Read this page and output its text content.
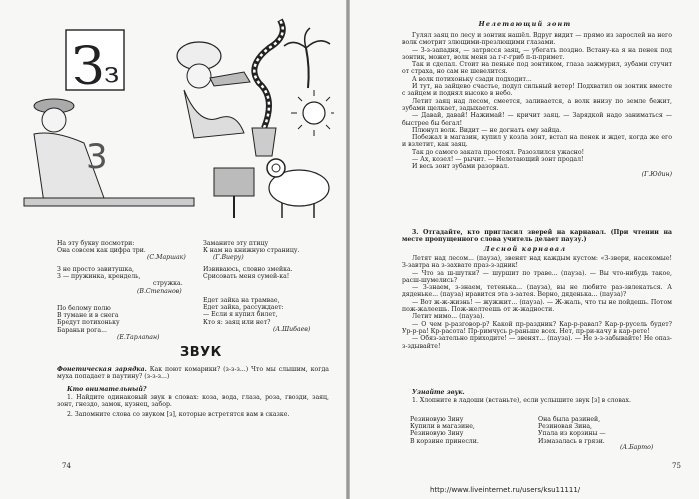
З з
3
На эту букву посмотри:
Она совсем как цифра три.
(С.Маршак)
Заманите эту птицу
К нам на книжную страницу.
(Г.Виеру)
З не просто завитушка,
З — пружинка, крендель,
стружка.
(В.Степанов)
Извиваюсь, словно змейка.
Срисовать меня сумей-ка!
По белому полю
В тумане и в снега
Бредут потихоньку
Бараньи рога...
(Е.Тарлапан)
Едет зайка на трамвае,
Едет зайка, рассуждает:
— Если я купил билет,
Кто я: заяц или нет?
(А.Шибаев)
ЗВУК
Фонетическая зарядка. Как поют комарики? (з-з-з...) Что мы слышим, когда муха попадает в паутину? (з-з-з...)
Кто внимательный?
1. Найдите одинаковый звук в словах: коза, вода, глаза, роза, гвозди, заяц, зонт, гнездо, замок, кузнец, забор.
2. Запомните слова со звуком [з], которые встретятся вам в сказке.
74
Нелетающий зонт

Гулял заяц по лесу и зонтик нашёл. Вдруг видит — прямо из зарослей на него волк смотрит злющими-презлющими глазами.

— З-з-западня, — затрясся заяц, — убегать поздно. Встану-ка я на пенек под зонтик, может, волк меня за г-г-гриб п-п-примет.

Так и сделал. Стоит на пеньке под зонтиком, глаза зажмурил, зубами стучит от страха, но сам не шевелится.

А волк потихоньку сзади подходит...

И тут, на зайцево счастье, подул сильный ветер! Подхватил он зонтик вместе с зайцем и поднял высоко в небо.

Летит заяц над лесом, смеется, заливается, а волк внизу по земле бежит, зубами щелкает, задыхается.

— Давай, давай! Нажимай! — кричит заяц. — Зарядкой надо заниматься — быстрее бы бегал!

Плюнул волк. Видит — не догнать ему зайца.

Побежал в магазин, купил у козла зонт, встал на пенек и ждет, когда же его и взлетит, как заяц.

Так до самого заката простоял. Разозлился ужасно!

— Ах, козел! — рычит. — Нелетающий зонт продал!

И весь зонт зубами разорвал.

(Г.Юдин)

3. Отгадайте, кто пригласил зверей на карнавал. (При чтении на месте пропущенного слова учитель делает паузу.)
Лесной карнавал

Летят над лесом... (пауза), звенят над каждым кустом: «З-звери, насекомые! З-завтра на з-захвате праз-з-здник!

— Что за ш-шутки? — шуршит по траве... (пауза). — Вы что-нибудь такое, расш-шумелись?

— З-знаем, з-знаем, тетенька... (пауза), вы не любите раз-звлекаться. А дяденьке... (пауза) нравится эта з-затея. Верно, дяденька... (пауза)?

— Вот ж-ж-жизнь! — жужжит... (пауза). — Ж-жаль, что ты не пойдешь. Потом пож-жалеешь. Пож-желтеешь от ж-жадности.

Летит мимо... (пауза).

— О чем р-разговор-р? Какой пр-раздник? Кар-р-равал? Кар-р-русель будет? Ур-р-ра! Кр-расота! Пр-римчусь р-раньше всех. Нет, пр-ри-качу в кар-рете!

— Обяз-зательно приходите! — звенят... (пауза). — Не з-з-забывайте! Не опаз-з-здывайте!

Узнайте звук.
1. Хлопните в ладоши (встаньте), если услышите звук [з] в словах.
Резиновую Зину
Купили в магазине,
Резиновую Зину
В корзине принесли.
Она была разиней,
Резиновая Зина,
Упала из корзины —
Измазалась в грязи.
(А.Барто)
75
http://www.liveinternet.ru/users/ksu11111/
